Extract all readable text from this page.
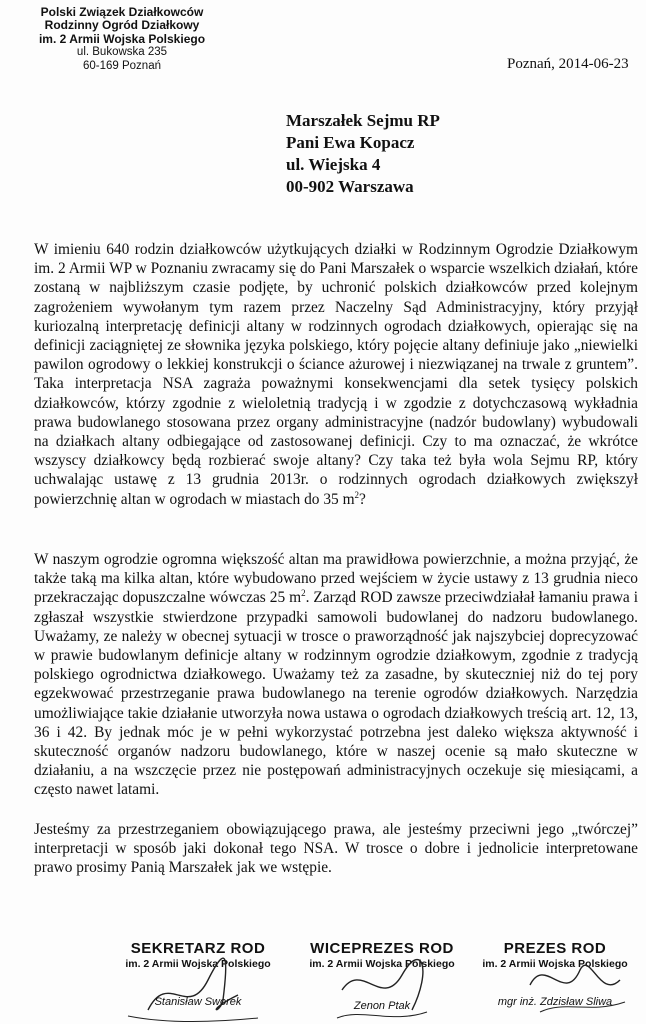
Polski Związek Działkowców
Rodzinny Ogród Działkowy
im. 2 Armii Wojska Polskiego
ul. Bukowska 235
60-169 Poznań	Poznań, 2014-06-23
Marszałek Sejmu RP
Pani Ewa Kopacz
ul. Wiejska 4
00-902 Warszawa

W imieniu 640 rodzin działkowców użytkujących działki w Rodzinnym Ogrodzie Działkowym im. 2 Armii WP w Poznaniu zwracamy się do Pani Marszałek o wsparcie wszelkich działań, które zostaną w najbliższym czasie podjęte, by uchronić polskich działkowców przed kolejnym zagrożeniem wywołanym tym razem przez Naczelny Sąd Administracyjny, który przyjął kuriozalną interpretację definicji altany w rodzinnych ogrodach działkowych, opierając się na definicji zaciągniętej ze słownika języka polskiego, który pojęcie altany definiuje jako „niewielki pawilon ogrodowy o lekkiej konstrukcji o ściance ażurowej i niezwiązanej na trwale z gruntem”. Taka interpretacja NSA zagraża poważnymi konsekwencjami dla setek tysięcy polskich działkowców, którzy zgodnie z wieloletnią tradycją i w zgodzie z dotychczasową wykładnia prawa budowlanego stosowana przez organy administracyjne (nadzór budowlany) wybudowali na działkach altany odbiegające od zastosowanej definicji. Czy to ma oznaczać, że wkrótce wszyscy działkowcy będą rozbierać swoje altany? Czy taka też była wola Sejmu RP, który uchwalając ustawę z 13 grudnia 2013r. o rodzinnych ogrodach działkowych zwiększył powierzchnię altan w ogrodach w miastach do 35 $m^2$?

W naszym ogrodzie ogromna większość altan ma prawidłowa powierzchnie, a można przyjąć, że także taką ma kilka altan, które wybudowano przed wejściem w życie ustawy z 13 grudnia nieco przekraczając dopuszczalne wówczas 25 $m^2$. Zarząd ROD zawsze przeciwdziałał łamaniu prawa i zgłaszał wszystkie stwierdzone przypadki samowoli budowlanej do nadzoru budowlanego. Uważamy, ze należy w obecnej sytuacji w trosce o praworządność jak najszybciej doprecyzować w prawie budowlanym definicje altany w rodzinnym ogrodzie działkowym, zgodnie z tradycją polskiego ogrodnictwa działkowego. Uważamy też za zasadne, by skuteczniej niż do tej pory egzekwować przestrzeganie prawa budowlanego na terenie ogrodów działkowych. Narzędzia umożliwiające takie działanie utworzyła nowa ustawa o ogrodach działkowych treścią art. 12, 13, 36 i 42. By jednak móc je w pełni wykorzystać potrzebna jest daleko większa aktywność i skuteczność organów nadzoru budowlanego, które w naszej ocenie są mało skuteczne w działaniu, a na wszczęcie przez nie postępowań administracyjnych oczekuje się miesiącami, a często nawet latami.

Jesteśmy za przestrzeganiem obowiązującego prawa, ale jesteśmy przeciwni jego „twórczej” interpretacji w sposób jaki dokonał tego NSA. W trosce o dobre i jednolicie interpretowane prawo prosimy Panią Marszałek jak we wstępie.

SEKRETARZ ROD
im. 2 Armii Wojska Polskiego
Stanisław Sworek
WICEPREZES ROD
im. 2 Armii Wojska Polskiego
Zenon Ptak
PREZES ROD
im. 2 Armii Wojska Polskiego
mgr inż. Zdzisław Sliwa
